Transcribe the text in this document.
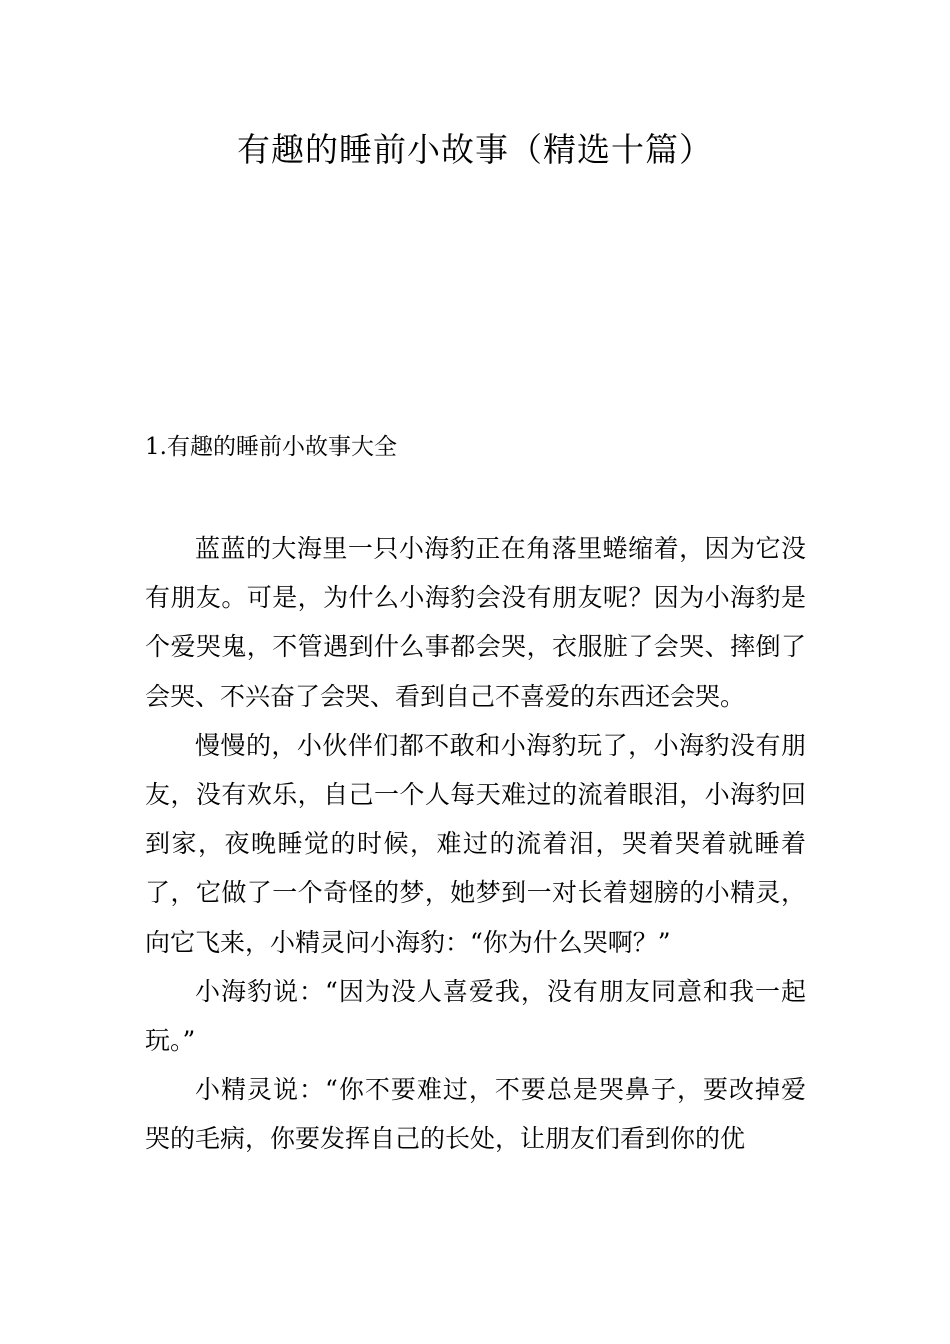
有趣的睡前小故事（精选十篇）
1.有趣的睡前小故事大全

蓝蓝的大海里一只小海豹正在角落里蜷缩着，因为它没有朋友。可是，为什么小海豹会没有朋友呢？因为小海豹是个爱哭鬼，不管遇到什么事都会哭，衣服脏了会哭、摔倒了会哭、不兴奋了会哭、看到自己不喜爱的东西还会哭。

慢慢的，小伙伴们都不敢和小海豹玩了，小海豹没有朋友，没有欢乐，自己一个人每天难过的流着眼泪，小海豹回到家，夜晚睡觉的时候，难过的流着泪，哭着哭着就睡着了，它做了一个奇怪的梦，她梦到一对长着翅膀的小精灵，向它飞来，小精灵问小海豹：“你为什么哭啊？”

小海豹说：“因为没人喜爱我，没有朋友同意和我一起玩。”

小精灵说：“你不要难过，不要总是哭鼻子，要改掉爱哭的毛病，你要发挥自己的长处，让朋友们看到你的优
